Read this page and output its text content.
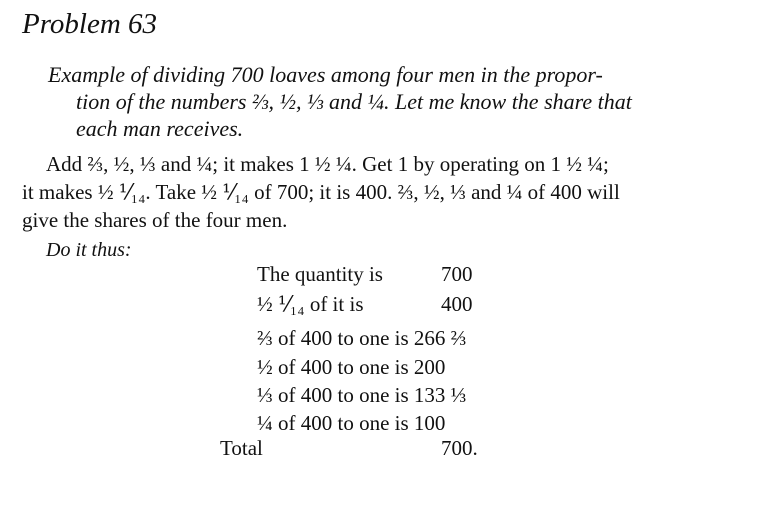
Problem 63
Example of dividing 700 loaves among four men in the propor-
tion of the numbers ⅔, ½, ⅓ and ¼. Let me know the share that
each man receives.
Add ⅔, ½, ⅓ and ¼; it makes 1 ½ ¼. Get 1 by operating on 1 ½ ¼;
it makes ½ ⅟₁₄. Take ½ ⅟₁₄ of 700; it is 400. ⅔, ½, ⅓ and ¼ of 400 will
give the shares of the four men.
Do it thus:
The quantity is	700
½ ⅟₁₄ of it is	400
⅔ of 400 to one is 266 ⅔
½ of 400 to one is 200
⅓ of 400 to one is 133 ⅓
¼ of 400 to one is 100
Total	700.
